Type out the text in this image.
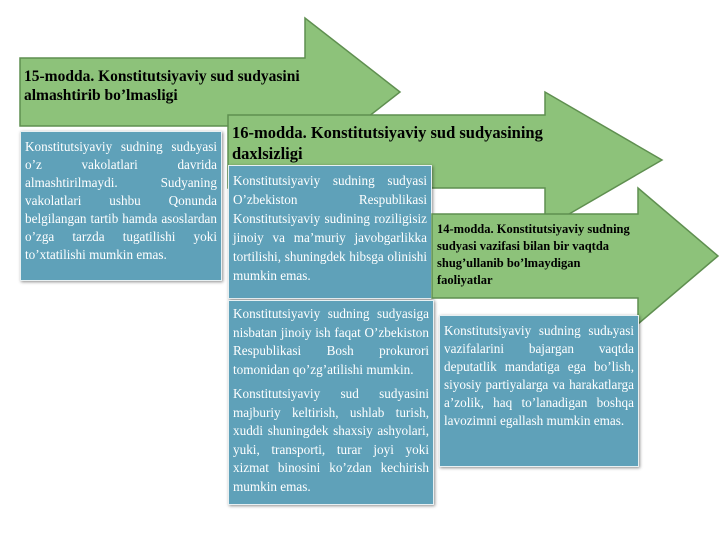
15-modda. Konstitutsiyaviy sud sudyasini almashtirib bo’lmasligi
16-modda. Konstitutsiyaviy sud sudyasining daxlsizligi

Konstitutsiyaviy sudning sudьyasi o’z vakolatlari davrida almashtirilmaydi. Sudyaning vakolatlari ushbu Qonunda belgilangan tartib hamda asoslardan o’zga tarzda tugatilishi yoki to’xtatilishi mumkin emas.

Konstitutsiyaviy sudning sudyasi O’zbekiston Respublikasi Konstitutsiyaviy sudining roziligisiz jinoiy va ma’muriy javobgarlikka tortilishi, shuningdek hibsga olinishi mumkin emas.

14-modda. Konstitutsiyaviy sudning sudyasi vazifasi bilan bir vaqtda shug’ullanib bo’lmaydigan faoliyatlar

Konstitutsiyaviy sudning sudyasiga nisbatan jinoiy ish faqat O’zbekiston Respublikasi Bosh prokurori tomonidan qo’zg’atilishi mumkin.

Konstitutsiyaviy sud sudyasini majburiy keltirish, ushlab turish, xuddi shuningdek shaxsiy ashyolari, yuki, transporti, turar joyi yoki xizmat binosini ko’zdan kechirish mumkin emas.

Konstitutsiyaviy sudning sudьyasi vazifalarini bajargan vaqtda deputatlik mandatiga ega bo’lish, siyosiy partiyalarga va harakatlarga a’zolik, haq to’lanadigan boshqa lavozimni egallash mumkin emas.
